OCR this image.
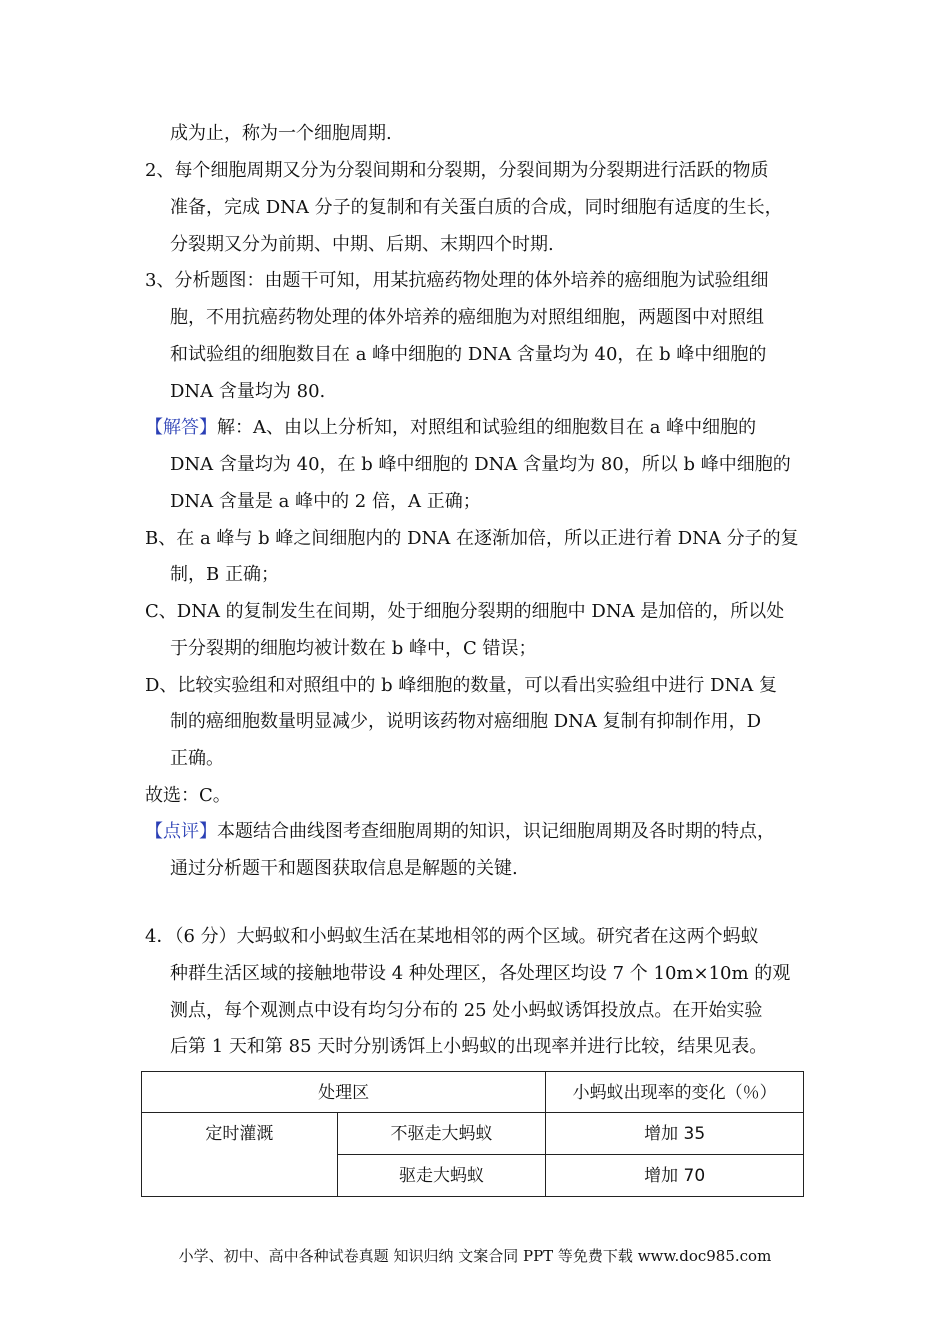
成为止，称为一个细胞周期.
2、每个细胞周期又分为分裂间期和分裂期，分裂间期为分裂期进行活跃的物质
准备，完成 DNA 分子的复制和有关蛋白质的合成，同时细胞有适度的生长，
分裂期又分为前期、中期、后期、末期四个时期.
3、分析题图：由题干可知，用某抗癌药物处理的体外培养的癌细胞为试验组细
胞，不用抗癌药物处理的体外培养的癌细胞为对照组细胞，两题图中对照组
和试验组的细胞数目在 a 峰中细胞的 DNA 含量均为 40，在 b 峰中细胞的
DNA 含量均为 80.
【解答】解：A、由以上分析知，对照组和试验组的细胞数目在 a 峰中细胞的
DNA 含量均为 40，在 b 峰中细胞的 DNA 含量均为 80，所以 b 峰中细胞的
DNA 含量是 a 峰中的 2 倍，A 正确；
B、在 a 峰与 b 峰之间细胞内的 DNA 在逐渐加倍，所以正进行着 DNA 分子的复
制，B 正确；
C、DNA 的复制发生在间期，处于细胞分裂期的细胞中 DNA 是加倍的，所以处
于分裂期的细胞均被计数在 b 峰中，C 错误；
D、比较实验组和对照组中的 b 峰细胞的数量，可以看出实验组中进行 DNA 复
制的癌细胞数量明显减少，说明该药物对癌细胞 DNA 复制有抑制作用，D
正确。
故选：C。
【点评】本题结合曲线图考查细胞周期的知识，识记细胞周期及各时期的特点，
通过分析题干和题图获取信息是解题的关键.
4．（6 分）大蚂蚁和小蚂蚁生活在某地相邻的两个区域。研究者在这两个蚂蚁
种群生活区域的接触地带设 4 种处理区，各处理区均设 7 个 10m×10m 的观
测点，每个观测点中设有均匀分布的 25 处小蚂蚁诱饵投放点。在开始实验
后第 1 天和第 85 天时分别诱饵上小蚂蚁的出现率并进行比较，结果见表。
处理区		小蚂蚁出现率的变化（％）
定时灌溉	不驱走大蚂蚁	增加 35
	驱走大蚂蚁	增加 70
小学、初中、高中各种试卷真题 知识归纳 文案合同 PPT 等免费下载 www.doc985.com
